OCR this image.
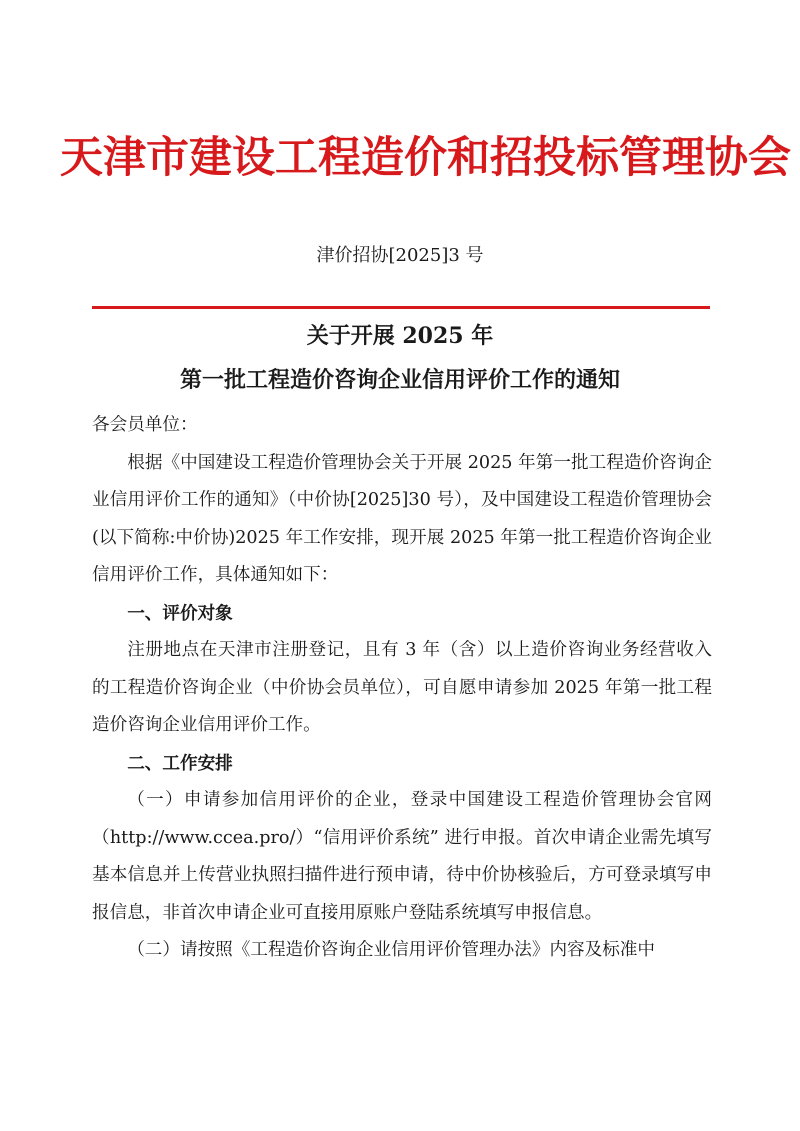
天津市建设工程造价和招投标管理协会
津价招协[2025]3 号
关于开展 2025 年
第一批工程造价咨询企业信用评价工作的通知

各会员单位：

根据《中国建设工程造价管理协会关于开展 2025 年第一批工程造价咨询企业信用评价工作的通知》（中价协[2025]30 号），及中国建设工程造价管理协会(以下简称:中价协)2025 年工作安排，现开展 2025 年第一批工程造价咨询企业信用评价工作，具体通知如下：

一、评价对象

注册地点在天津市注册登记，且有 3 年（含）以上造价咨询业务经营收入的工程造价咨询企业（中价协会员单位），可自愿申请参加 2025 年第一批工程造价咨询企业信用评价工作。

二、工作安排

（一）申请参加信用评价的企业，登录中国建设工程造价管理协会官网（http://www.ccea.pro/）“信用评价系统” 进行申报。首次申请企业需先填写基本信息并上传营业执照扫描件进行预申请，待中价协核验后，方可登录填写申报信息，非首次申请企业可直接用原账户登陆系统填写申报信息。

（二）请按照《工程造价咨询企业信用评价管理办法》内容及标准中
